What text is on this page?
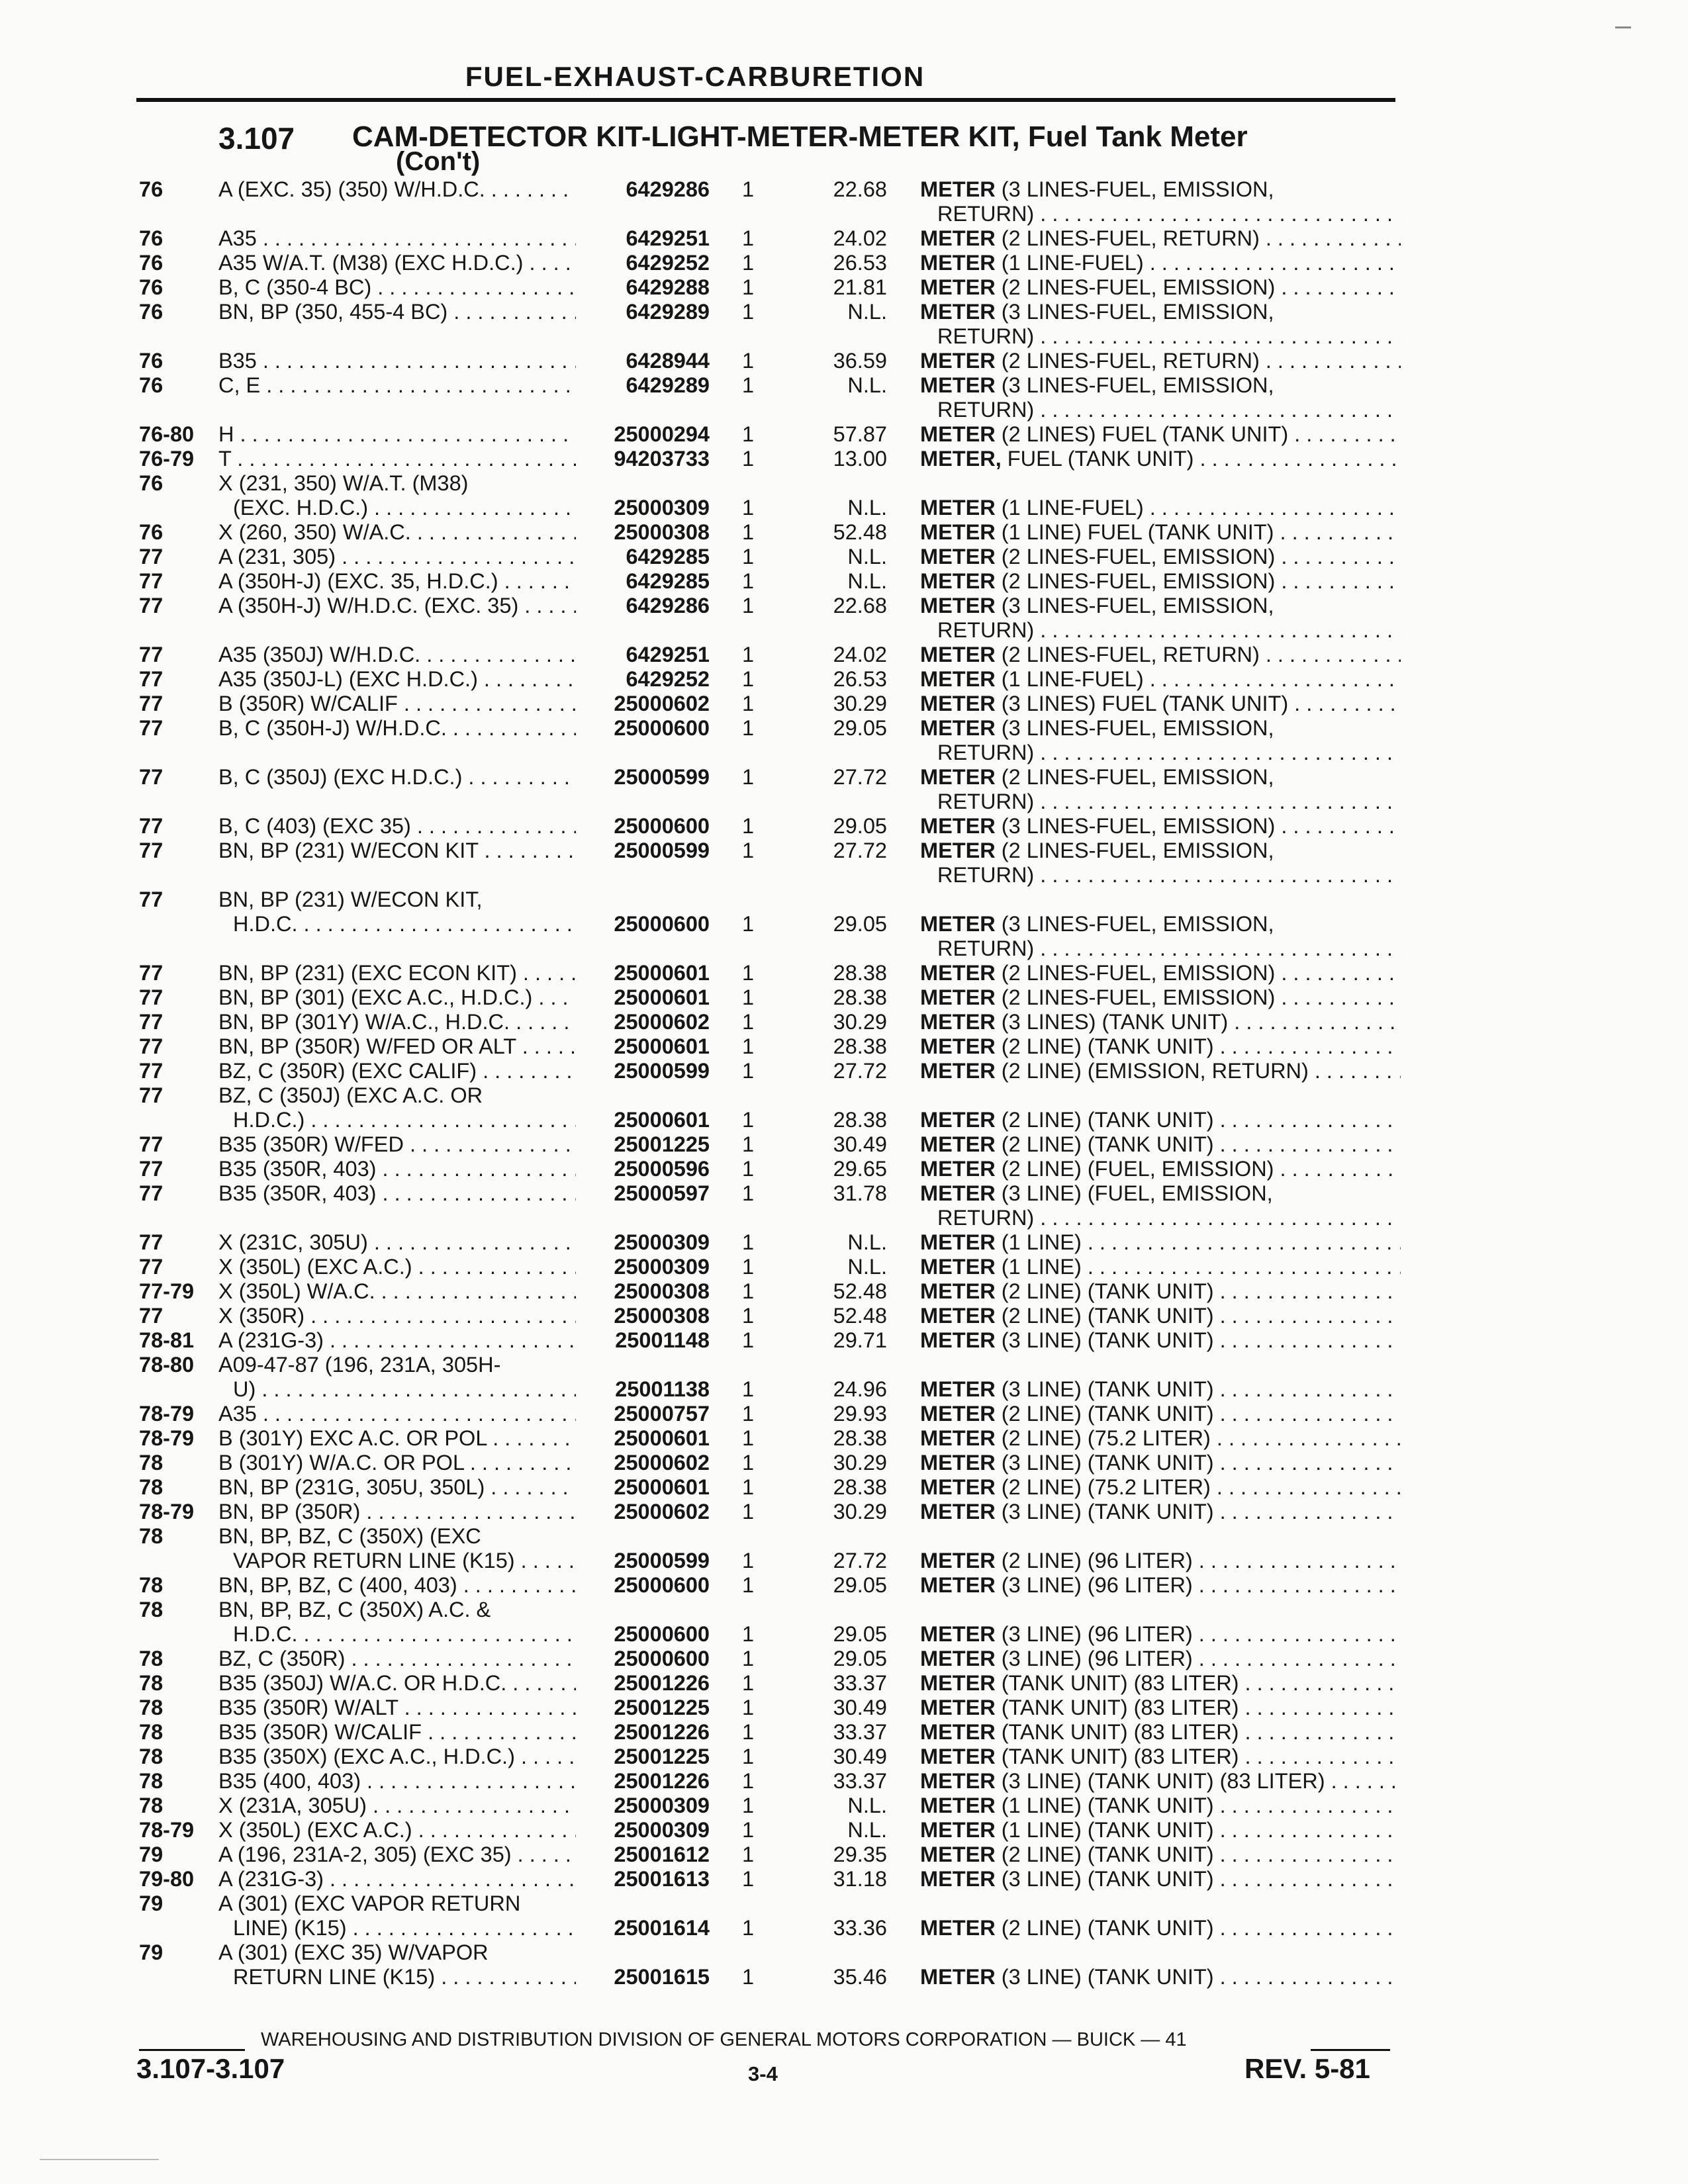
FUEL-EXHAUST-CARBURETION
3.107 CAM-DETECTOR KIT-LIGHT-METER-METER KIT, Fuel Tank Meter
(Con't)
76	A (EXC. 35) (350) W/H.D.C. . . .	6429286	1	22.68 METER (3 LINES-FUEL, EMISSION,
RETURN) . . .
76	A35 . . .	6429251	1	24.02 METER (2 LINES-FUEL, RETURN) . . .
76	A35 W/A.T. (M38) (EXC H.D.C.) . . .	6429252	1	26.53 METER (1 LINE-FUEL) . . .
76	B, C (350-4 BC) . . .	6429288	1	21.81 METER (2 LINES-FUEL, EMISSION) . . .
76	BN, BP (350, 455-4 BC) . . .	6429289	1	N.L. METER (3 LINES-FUEL, EMISSION,
RETURN) . . .
76	B35 . . .	6428944	1	36.59 METER (2 LINES-FUEL, RETURN) . . .
76	C, E . . .	6429289	1	N.L. METER (3 LINES-FUEL, EMISSION,
RETURN) . . .
76-80 H . . .	25000294	1	57.87 METER (2 LINES) FUEL (TANK UNIT) . . .
76-79 T . . .	94203733	1	13.00 METER, FUEL (TANK UNIT) . . .
76	X (231, 350) W/A.T. (M38)
(EXC. H.D.C.) . . .	25000309	1	N.L. METER (1 LINE-FUEL) . . .
76	X (260, 350) W/A.C. . . .	25000308	1	52.48 METER (1 LINE) FUEL (TANK UNIT) . . .
77	A (231, 305) . . .	6429285	1	N.L. METER (2 LINES-FUEL, EMISSION) . . .
77	A (350H-J) (EXC. 35, H.D.C.) . . .	6429285	1	N.L. METER (2 LINES-FUEL, EMISSION) . . .
77	A (350H-J) W/H.D.C. (EXC. 35) . . .	6429286	1	22.68 METER (3 LINES-FUEL, EMISSION,
RETURN) . . .
77	A35 (350J) W/H.D.C. . . .	6429251	1	24.02 METER (2 LINES-FUEL, RETURN) . . .
77	A35 (350J-L) (EXC H.D.C.) . . .	6429252	1	26.53 METER (1 LINE-FUEL) . . .
77	B (350R) W/CALIF . . .	25000602	1	30.29 METER (3 LINES) FUEL (TANK UNIT) . . .
77	B, C (350H-J) W/H.D.C. . . .	25000600	1	29.05 METER (3 LINES-FUEL, EMISSION,
RETURN) . . .
77	B, C (350J) (EXC H.D.C.) . . .	25000599	1	27.72 METER (2 LINES-FUEL, EMISSION,
RETURN) . . .
77	B, C (403) (EXC 35) . . .	25000600	1	29.05 METER (3 LINES-FUEL, EMISSION) . . .
77	BN, BP (231) W/ECON KIT . . .	25000599	1	27.72 METER (2 LINES-FUEL, EMISSION,
RETURN) . . .
77	BN, BP (231) W/ECON KIT,
H.D.C. . . .	25000600	1	29.05 METER (3 LINES-FUEL, EMISSION,
RETURN) . . .
77	BN, BP (231) (EXC ECON KIT) . . .	25000601	1	28.38 METER (2 LINES-FUEL, EMISSION) . . .
77	BN, BP (301) (EXC A.C., H.D.C.) . . .	25000601	1	28.38 METER (2 LINES-FUEL, EMISSION) . . .
77	BN, BP (301Y) W/A.C., H.D.C. . . .	25000602	1	30.29 METER (3 LINES) (TANK UNIT) . . .
77	BN, BP (350R) W/FED OR ALT . . .	25000601	1	28.38 METER (2 LINE) (TANK UNIT) . . .
77	BZ, C (350R) (EXC CALIF) . . .	25000599	1	27.72 METER (2 LINE) (EMISSION, RETURN) . . .
77	BZ, C (350J) (EXC A.C. OR
H.D.C.) . . .	25000601	1	28.38 METER (2 LINE) (TANK UNIT) . . .
77	B35 (350R) W/FED . . .	25001225	1	30.49 METER (2 LINE) (TANK UNIT) . . .
77	B35 (350R, 403) . . .	25000596	1	29.65 METER (2 LINE) (FUEL, EMISSION) . . .
77	B35 (350R, 403) . . .	25000597	1	31.78 METER (3 LINE) (FUEL, EMISSION,
RETURN) . . .
77	X (231C, 305U) . . .	25000309	1	N.L. METER (1 LINE) . . .
77	X (350L) (EXC A.C.) . . .	25000309	1	N.L. METER (1 LINE) . . .
77-79 X (350L) W/A.C. . . .	25000308	1	52.48 METER (2 LINE) (TANK UNIT) . . .
77	X (350R) . . .	25000308	1	52.48 METER (2 LINE) (TANK UNIT) . . .
78-81 A (231G-3) . . .	25001148	1	29.71 METER (3 LINE) (TANK UNIT) . . .
78-80 A09-47-87 (196, 231A, 305H-
U) . . .	25001138	1	24.96 METER (3 LINE) (TANK UNIT) . . .
78-79 A35 . . .	25000757	1	29.93 METER (2 LINE) (TANK UNIT) . . .
78-79 B (301Y) EXC A.C. OR POL . . .	25000601	1	28.38 METER (2 LINE) (75.2 LITER) . . .
78	B (301Y) W/A.C. OR POL . . .	25000602	1	30.29 METER (3 LINE) (TANK UNIT) . . .
78	BN, BP (231G, 305U, 350L) . . .	25000601	1	28.38 METER (2 LINE) (75.2 LITER) . . .
78-79 BN, BP (350R) . . .	25000602	1	30.29 METER (3 LINE) (TANK UNIT) . . .
78	BN, BP, BZ, C (350X) (EXC
VAPOR RETURN LINE (K15) . . .	25000599	1	27.72 METER (2 LINE) (96 LITER) . . .
78	BN, BP, BZ, C (400, 403) . . .	25000600	1	29.05 METER (3 LINE) (96 LITER) . . .
78	BN, BP, BZ, C (350X) A.C. &
H.D.C. . . .	25000600	1	29.05 METER (3 LINE) (96 LITER) . . .
78	BZ, C (350R) . . .	25000600	1	29.05 METER (3 LINE) (96 LITER) . . .
78	B35 (350J) W/A.C. OR H.D.C. . . .	25001226	1	33.37 METER (TANK UNIT) (83 LITER) . . .
78	B35 (350R) W/ALT . . .	25001225	1	30.49 METER (TANK UNIT) (83 LITER) . . .
78	B35 (350R) W/CALIF . . .	25001226	1	33.37 METER (TANK UNIT) (83 LITER) . . .
78	B35 (350X) (EXC A.C., H.D.C.) . . .	25001225	1	30.49 METER (TANK UNIT) (83 LITER) . . .
78	B35 (400, 403) . . .	25001226	1	33.37 METER (3 LINE) (TANK UNIT) (83 LITER) . . .
78	X (231A, 305U) . . .	25000309	1	N.L. METER (1 LINE) (TANK UNIT) . . .
78-79 X (350L) (EXC A.C.) . . .	25000309	1	N.L. METER (1 LINE) (TANK UNIT) . . .
79	A (196, 231A-2, 305) (EXC 35) . . .	25001612	1	29.35 METER (2 LINE) (TANK UNIT) . . .
79-80 A (231G-3) . . .	25001613	1	31.18 METER (3 LINE) (TANK UNIT) . . .
79	A (301) (EXC VAPOR RETURN
LINE) (K15) . . .	25001614	1	33.36 METER (2 LINE) (TANK UNIT) . . .
79	A (301) (EXC 35) W/VAPOR
RETURN LINE (K15) . . .	25001615	1	35.46 METER (3 LINE) (TANK UNIT) . . .
WAREHOUSING AND DISTRIBUTION DIVISION OF GENERAL MOTORS CORPORATION — BUICK — 41
3.107-3.107	3-4	REV. 5-81
